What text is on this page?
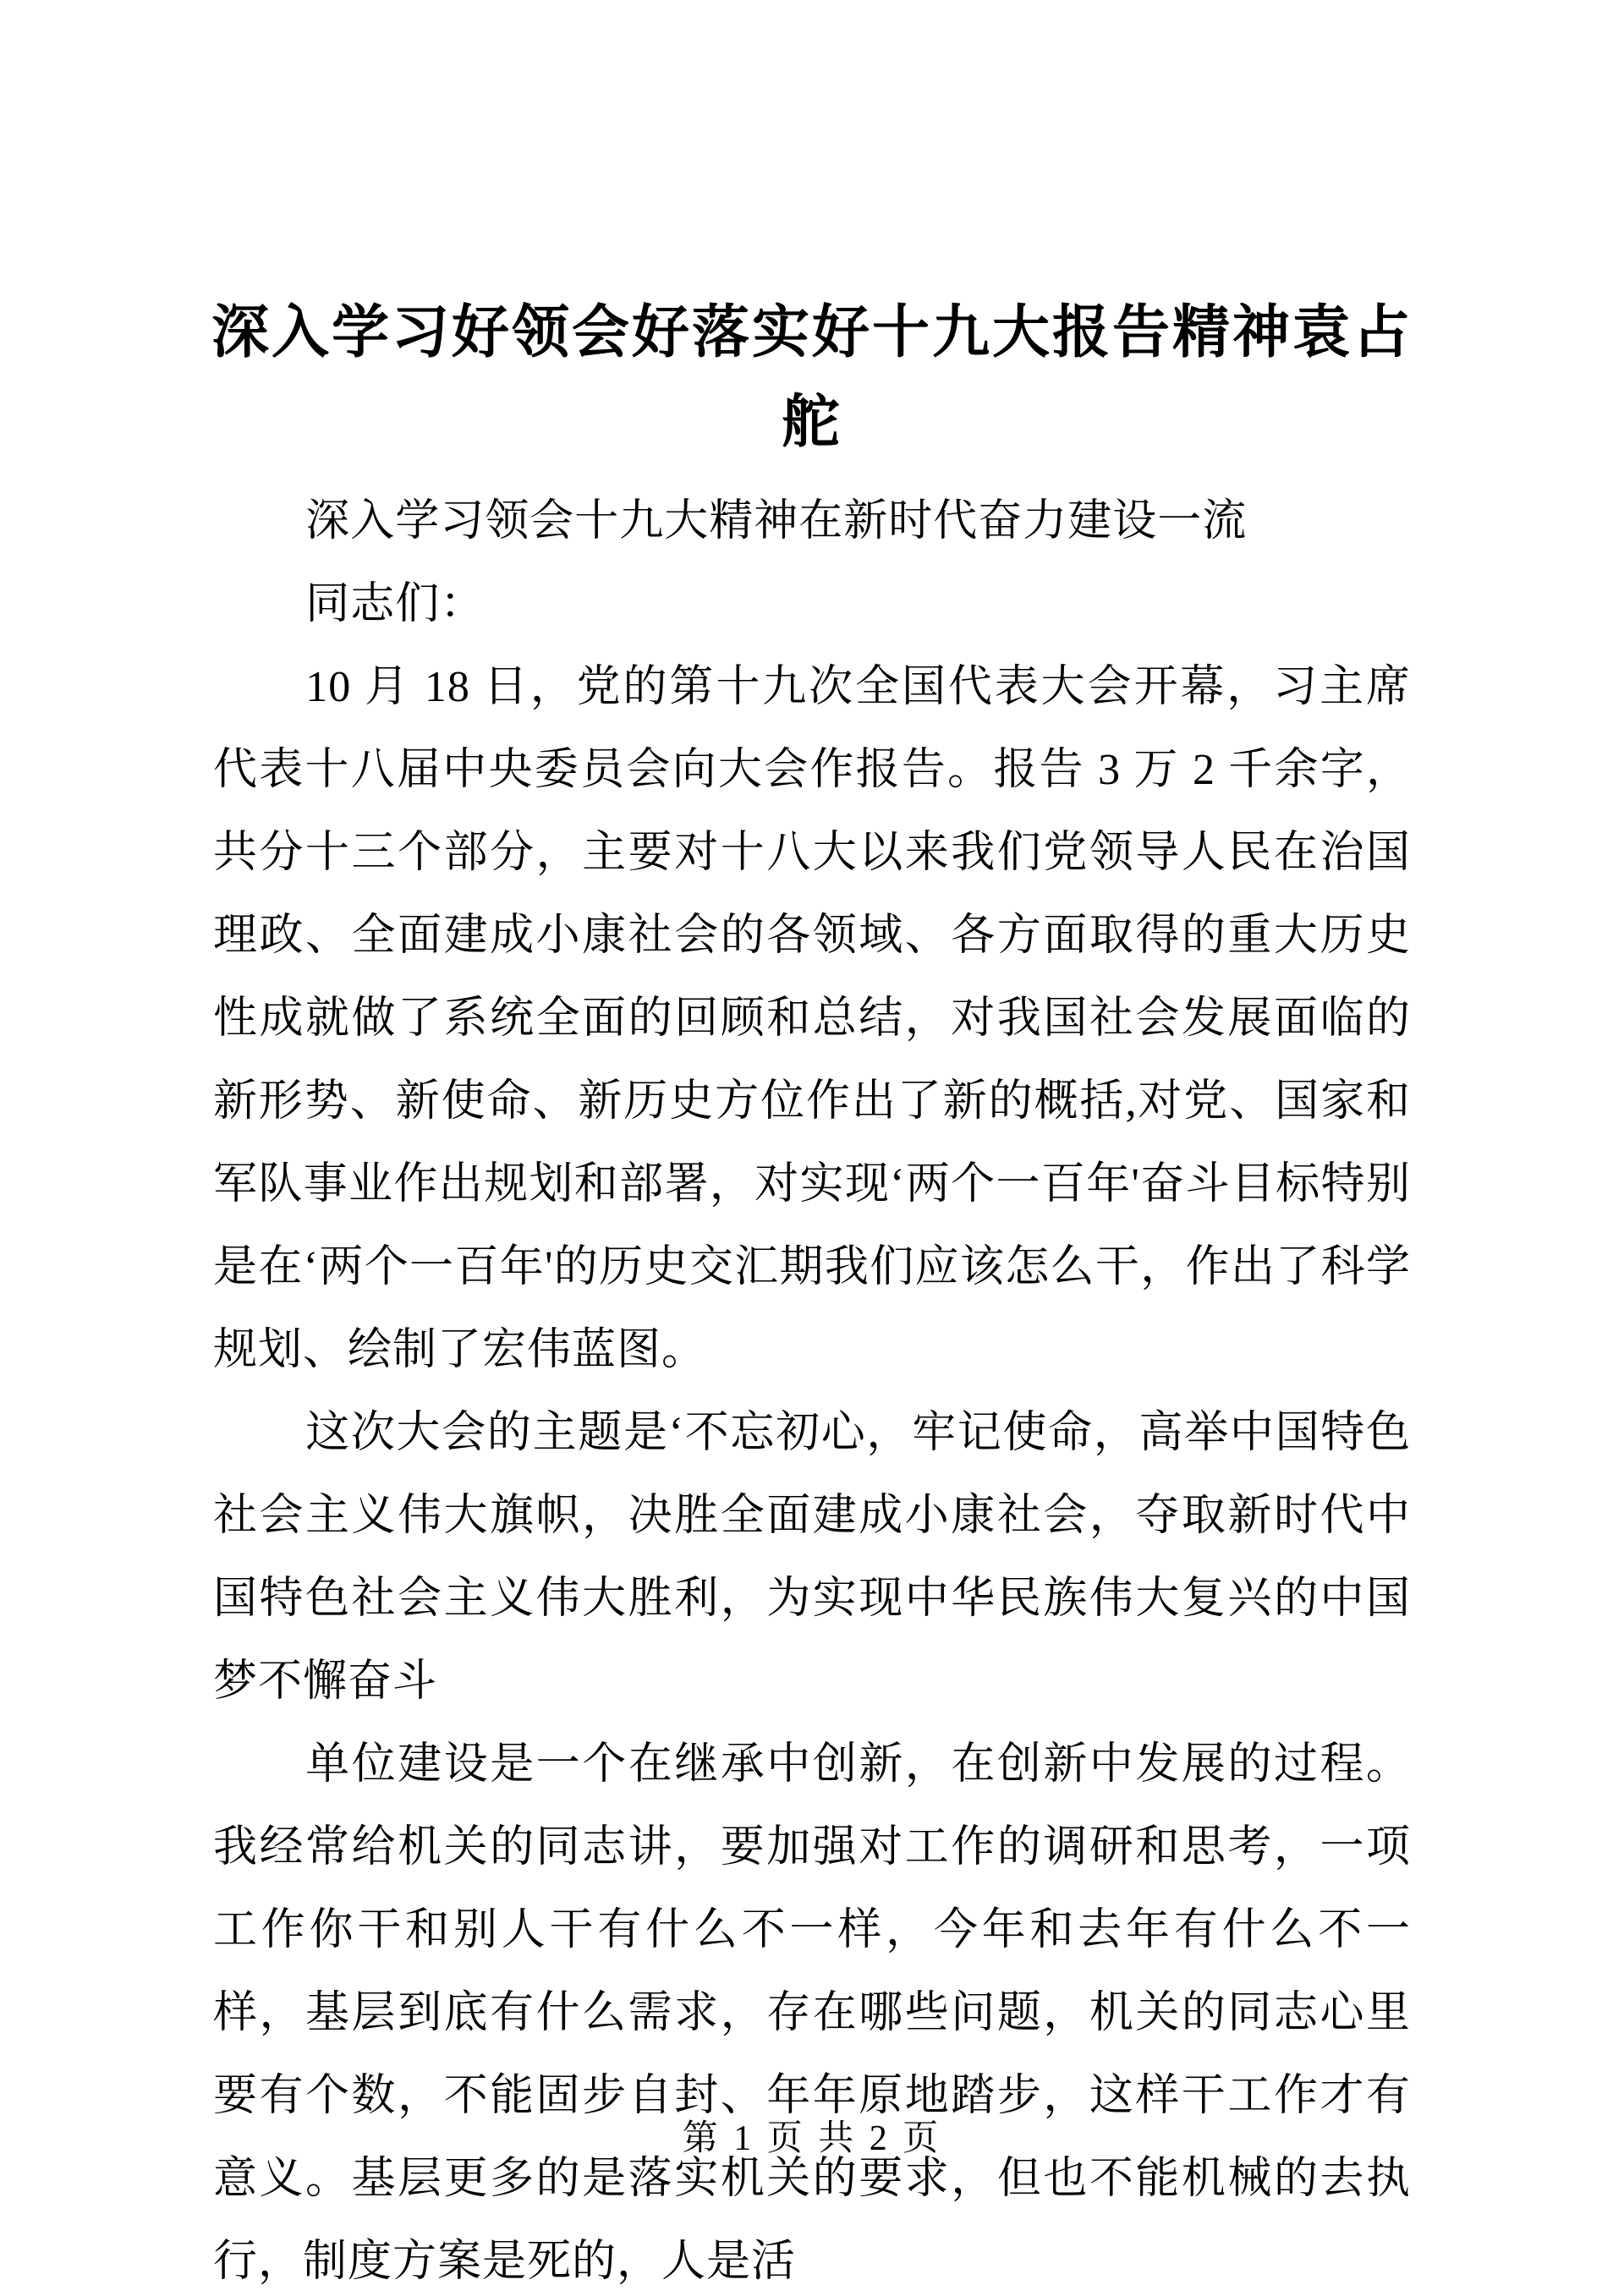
深入学习好领会好落实好十九大报告精神袁占舵

深入学习领会十九大精神在新时代奋力建设一流

同志们：

10 月 18 日，党的第十九次全国代表大会开幕，习主席代表十八届中央委员会向大会作报告。报告 3 万 2 千余字，共分十三个部分，主要对十八大以来我们党领导人民在治国理政、全面建成小康社会的各领域、各方面取得的重大历史性成就做了系统全面的回顾和总结，对我国社会发展面临的新形势、新使命、新历史方位作出了新的概括,对党、国家和军队事业作出规划和部署，对实现‘两个一百年'奋斗目标特别是在‘两个一百年'的历史交汇期我们应该怎么干，作出了科学规划、绘制了宏伟蓝图。

这次大会的主题是‘不忘初心，牢记使命，高举中国特色社会主义伟大旗帜，决胜全面建成小康社会，夺取新时代中国特色社会主义伟大胜利，为实现中华民族伟大复兴的中国梦不懈奋斗

单位建设是一个在继承中创新，在创新中发展的过程。我经常给机关的同志讲，要加强对工作的调研和思考，一项工作你干和别人干有什么不一样，今年和去年有什么不一样，基层到底有什么需求，存在哪些问题，机关的同志心里要有个数，不能固步自封、年年原地踏步，这样干工作才有意义。基层更多的是落实机关的要求，但也不能机械的去执行，制度方案是死的，人是活

第 1 页 共 2 页
